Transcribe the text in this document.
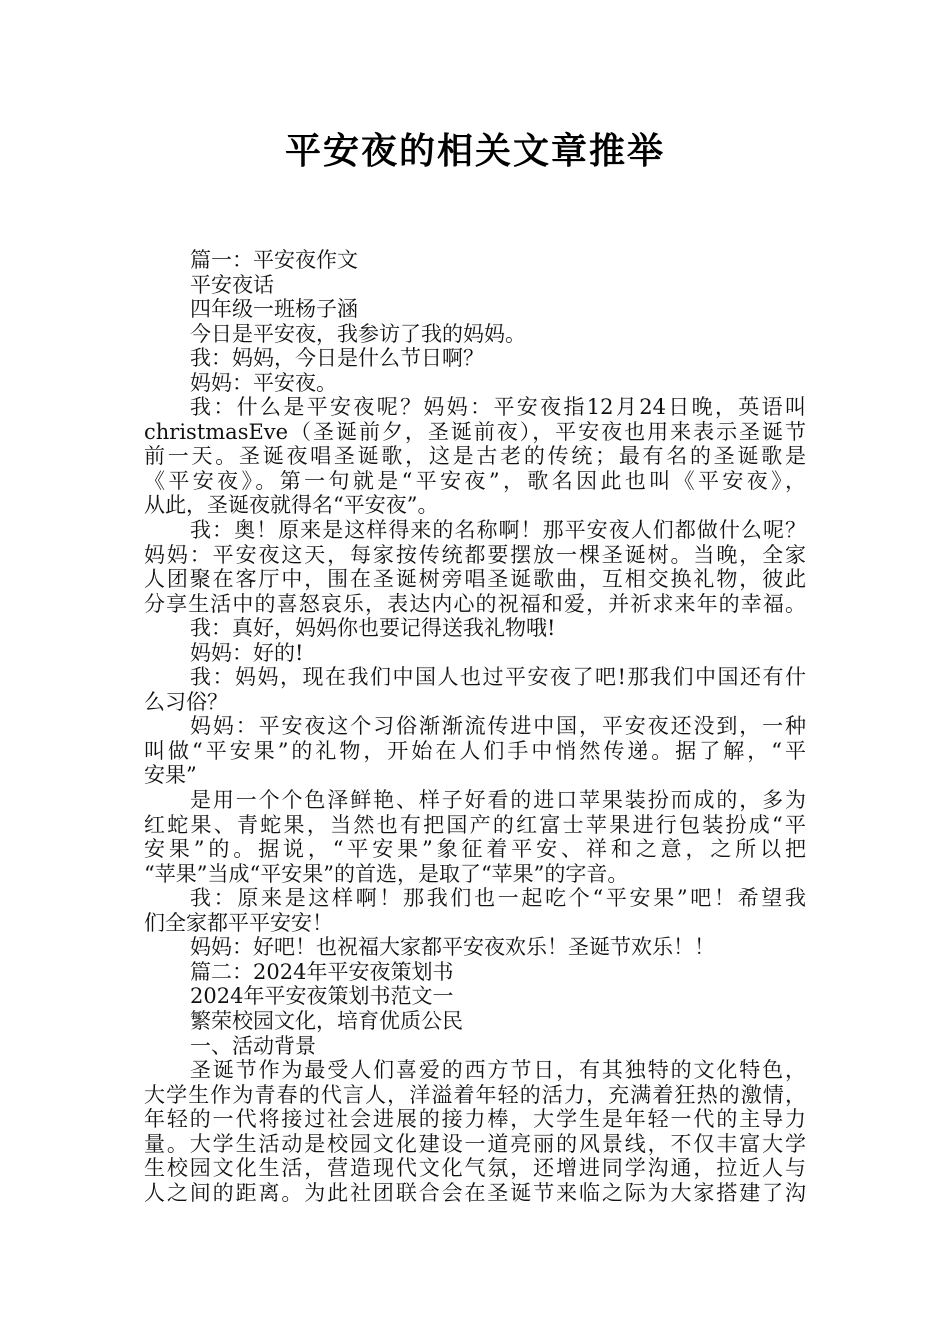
平安夜的相关文章推举
篇一：平安夜作文
平安夜话
四年级一班杨子涵
今日是平安夜，我参访了我的妈妈。
我：妈妈，今日是什么节日啊？
妈妈：平安夜。
我：什么是平安夜呢？妈妈：平安夜指12月24日晚，英语叫
christmasEve（圣诞前夕，圣诞前夜），平安夜也用来表示圣诞节
前一天。圣诞夜唱圣诞歌，这是古老的传统；最有名的圣诞歌是
《平安夜》。第一句就是“平安夜”，歌名因此也叫《平安夜》，
从此，圣诞夜就得名“平安夜”。
我：奥！原来是这样得来的名称啊！那平安夜人们都做什么呢？
妈妈：平安夜这天，每家按传统都要摆放一棵圣诞树。当晚，全家
人团聚在客厅中，围在圣诞树旁唱圣诞歌曲，互相交换礼物，彼此
分享生活中的喜怒哀乐，表达内心的祝福和爱，并祈求来年的幸福。
我：真好，妈妈你也要记得送我礼物哦!
妈妈：好的!
我：妈妈，现在我们中国人也过平安夜了吧!那我们中国还有什
么习俗？
妈妈：平安夜这个习俗渐渐流传进中国，平安夜还没到，一种
叫做“平安果”的礼物，开始在人们手中悄然传递。据了解，“平
安果”
是用一个个色泽鲜艳、样子好看的进口苹果装扮而成的，多为
红蛇果、青蛇果，当然也有把国产的红富士苹果进行包装扮成“平
安果”的。据说，“平安果”象征着平安、祥和之意，之所以把
“苹果”当成“平安果”的首选，是取了“苹果”的字音。
我：原来是这样啊！那我们也一起吃个“平安果”吧！希望我
们全家都平平安安！
妈妈：好吧！也祝福大家都平安夜欢乐！圣诞节欢乐！！
篇二：2024年平安夜策划书
2024年平安夜策划书范文一
繁荣校园文化，培育优质公民
一、活动背景
圣诞节作为最受人们喜爱的西方节日，有其独特的文化特色，
大学生作为青春的代言人，洋溢着年轻的活力，充满着狂热的激情，
年轻的一代将接过社会进展的接力棒，大学生是年轻一代的主导力
量。大学生活动是校园文化建设一道亮丽的风景线，不仅丰富大学
生校园文化生活，营造现代文化气氛，还增进同学沟通，拉近人与
人之间的距离。为此社团联合会在圣诞节来临之际为大家搭建了沟
